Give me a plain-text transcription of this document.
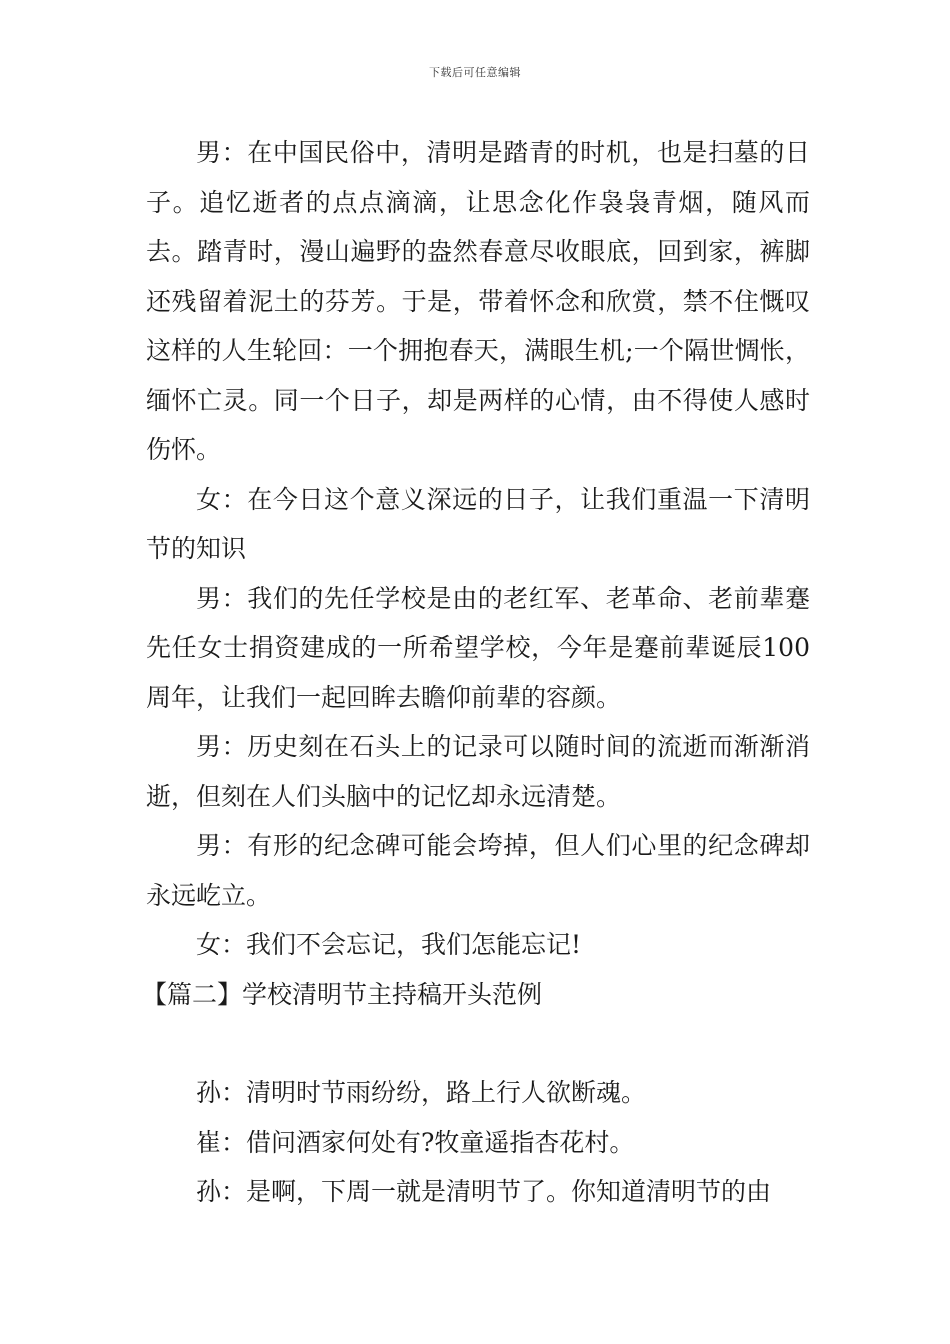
下载后可任意编辑

男：在中国民俗中，清明是踏青的时机，也是扫墓的日子。追忆逝者的点点滴滴，让思念化作袅袅青烟，随风而去。踏青时，漫山遍野的盎然春意尽收眼底，回到家，裤脚还残留着泥土的芬芳。于是，带着怀念和欣赏，禁不住慨叹这样的人生轮回：一个拥抱春天，满眼生机;一个隔世惆怅，缅怀亡灵。同一个日子，却是两样的心情，由不得使人感时伤怀。

女：在今日这个意义深远的日子，让我们重温一下清明节的知识

男：我们的先任学校是由的老红军、老革命、老前辈蹇先任女士捐资建成的一所希望学校，今年是蹇前辈诞辰100周年，让我们一起回眸去瞻仰前辈的容颜。

男：历史刻在石头上的记录可以随时间的流逝而渐渐消逝，但刻在人们头脑中的记忆却永远清楚。

男：有形的纪念碑可能会垮掉，但人们心里的纪念碑却永远屹立。

女：我们不会忘记，我们怎能忘记!

【篇二】学校清明节主持稿开头范例

孙：清明时节雨纷纷，路上行人欲断魂。

崔：借问酒家何处有?牧童遥指杏花村。

孙：是啊，下周一就是清明节了。你知道清明节的由
